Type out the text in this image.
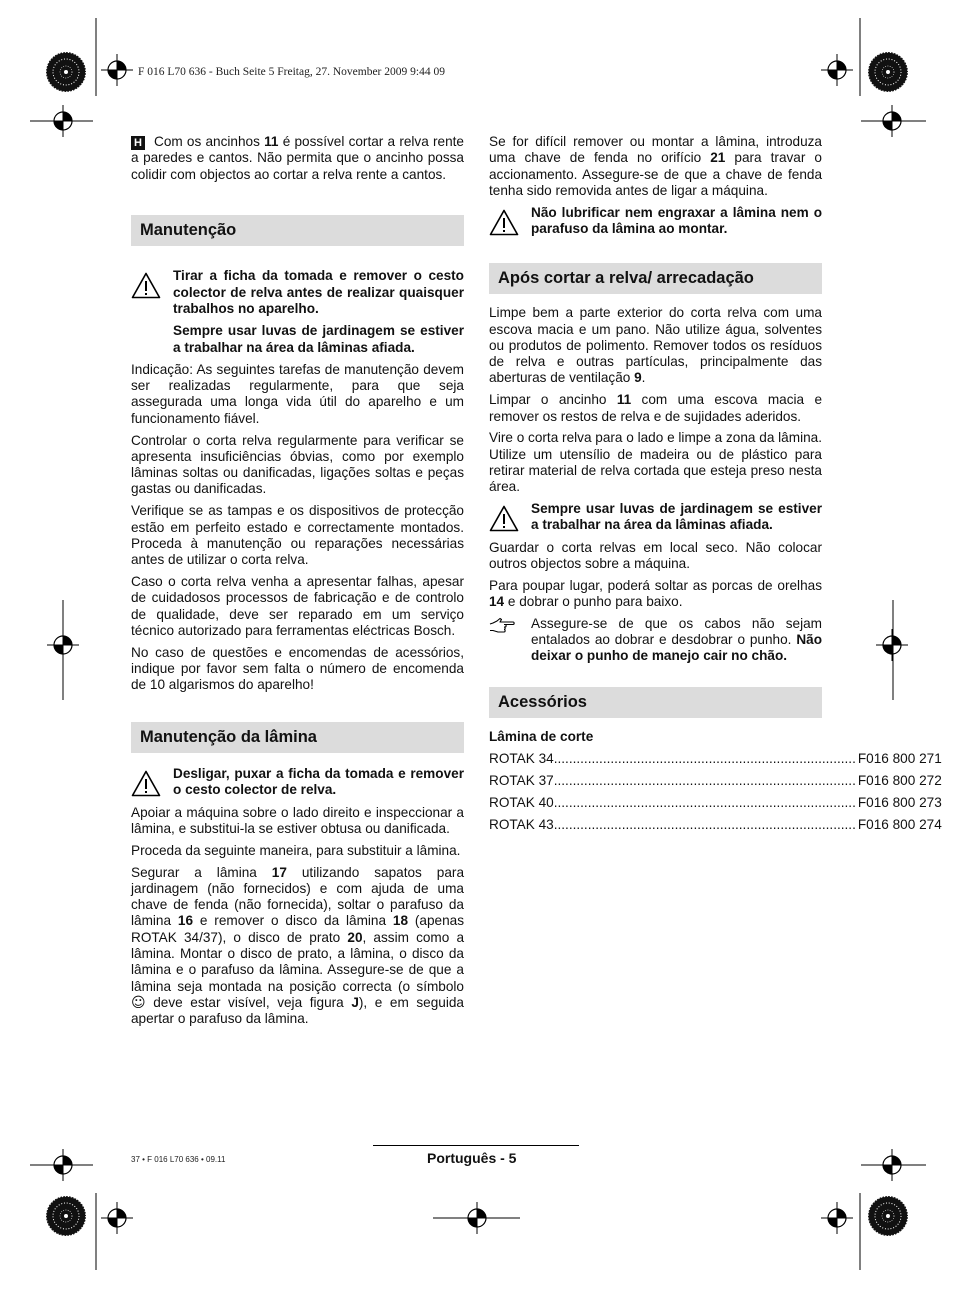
F 016 L70 636 - Buch Seite 5 Freitag, 27. November 2009 9:44 09

H Com os ancinhos 11 é possível cortar a relva rente a paredes e cantos. Não permita que o ancinho possa colidir com objectos ao cortar a relva rente a cantos.

Manutenção

Tirar a ficha da tomada e remover o cesto colector de relva antes de realizar quaisquer trabalhos no aparelho.

Sempre usar luvas de jardinagem se estiver a trabalhar na área da lâminas afiada.

Indicação: As seguintes tarefas de manutenção devem ser realizadas regularmente, para que seja assegurada uma longa vida útil do aparelho e um funcionamento fiável.

Controlar o corta relva regularmente para verificar se apresenta insuficiências óbvias, como por exemplo lâminas soltas ou danificadas, ligações soltas e peças gastas ou danificadas.

Verifique se as tampas e os dispositivos de protecção estão em perfeito estado e correctamente montados. Proceda à manutenção ou reparações necessárias antes de utilizar o corta relva.

Caso o corta relva venha a apresentar falhas, apesar de cuidadosos processos de fabricação e de controlo de qualidade, deve ser reparado em um serviço técnico autorizado para ferramentas eléctricas Bosch.

No caso de questões e encomendas de acessórios, indique por favor sem falta o número de encomenda de 10 algarismos do aparelho!

Manutenção da lâmina

Desligar, puxar a ficha da tomada e remover o cesto colector de relva.

Apoiar a máquina sobre o lado direito e inspeccionar a lâmina, e substitui-la se estiver obtusa ou danificada.

Proceda da seguinte maneira, para substituir a lâmina.

Segurar a lâmina 17 utilizando sapatos para jardinagem (não fornecidos) e com ajuda de uma chave de fenda (não fornecida), soltar o parafuso da lâmina 16 e remover o disco da lâmina 18 (apenas ROTAK 34/37), o disco de prato 20, assim como a lâmina. Montar o disco de prato, a lâmina, o disco da lâmina e o parafuso da lâmina. Assegure-se de que a lâmina seja montada na posição correcta (o símbolo ☺ deve estar visível, veja figura J), e em seguida apertar o parafuso da lâmina.

Se for difícil remover ou montar a lâmina, introduza uma chave de fenda no orifício 21 para travar o accionamento. Assegure-se de que a chave de fenda tenha sido removida antes de ligar a máquina.

Não lubrificar nem engraxar a lâmina nem o parafuso da lâmina ao montar.

Após cortar a relva/ arrecadação

Limpe bem a parte exterior do corta relva com uma escova macia e um pano. Não utilize água, solventes ou produtos de polimento. Remover todos os resíduos de relva e outras partículas, principalmente das aberturas de ventilação 9.

Limpar o ancinho 11 com uma escova macia e remover os restos de relva e de sujidades aderidos.

Vire o corta relva para o lado e limpe a zona da lâmina. Utilize um utensílio de madeira ou de plástico para retirar material de relva cortada que esteja preso nesta área.

Sempre usar luvas de jardinagem se estiver a trabalhar na área da lâminas afiada.

Guardar o corta relvas em local seco. Não colocar outros objectos sobre a máquina.

Para poupar lugar, poderá soltar as porcas de orelhas 14 e dobrar o punho para baixo.

Assegure-se de que os cabos não sejam entalados ao dobrar e desdobrar o punho. Não deixar o punho de manejo cair no chão.

Acessórios

Lâmina de corte

ROTAK 34................................................................................ F016 800 271
ROTAK 37................................................................................ F016 800 272
ROTAK 40................................................................................ F016 800 273
ROTAK 43................................................................................ F016 800 274
Português - 5
37 • F 016 L70 636 • 09.11
